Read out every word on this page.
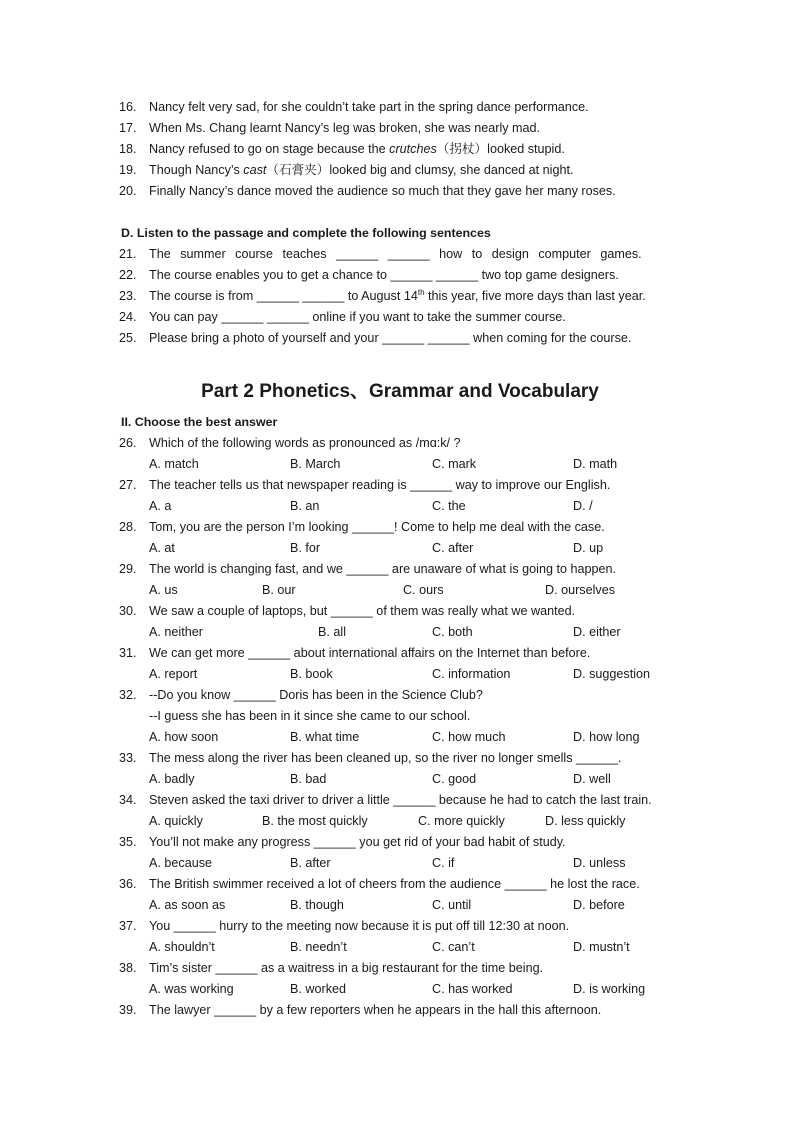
16. Nancy felt very sad, for she couldn’t take part in the spring dance performance.
17. When Ms. Chang learnt Nancy’s leg was broken, she was nearly mad.
18. Nancy refused to go on stage because the crutches（拐杖）looked stupid.
19. Though Nancy’s cast（石膏夹）looked big and clumsy, she danced at night.
20. Finally Nancy’s dance moved the audience so much that they gave her many roses.
D. Listen to the passage and complete the following sentences
21. The summer course teaches ______ ______ how to design computer games.
22. The course enables you to get a chance to ______ ______ two top game designers.
23. The course is from ______ ______ to August 14th this year, five more days than last year.
24. You can pay ______ ______ online if you want to take the summer course.
25. Please bring a photo of yourself and your ______ ______ when coming for the course.
Part 2 Phonetics、Grammar and Vocabulary
II. Choose the best answer
26. Which of the following words as pronounced as /mɑ:k/ ?
A. match	B. March	C. mark	D. math
27. The teacher tells us that newspaper reading is ______ way to improve our English.
A. a	B. an	C. the	D. /
28. Tom, you are the person I’m looking ______! Come to help me deal with the case.
A. at	B. for	C. after	D. up
29. The world is changing fast, and we ______ are unaware of what is going to happen.
A. us	B. our	C. ours	D. ourselves
30. We saw a couple of laptops, but ______ of them was really what we wanted.
A. neither	B. all	C. both	D. either
31. We can get more ______ about international affairs on the Internet than before.
A. report	B. book	C. information	D. suggestion
32. --Do you know ______ Doris has been in the Science Club?
--I guess she has been in it since she came to our school.
A. how soon	B. what time	C. how much	D. how long
33. The mess along the river has been cleaned up, so the river no longer smells ______.
A. badly	B. bad	C. good	D. well
34. Steven asked the taxi driver to driver a little ______ because he had to catch the last train.
A. quickly	B. the most quickly	C. more quickly	D. less quickly
35. You’ll not make any progress ______ you get rid of your bad habit of study.
A. because	B. after	C. if	D. unless
36. The British swimmer received a lot of cheers from the audience ______ he lost the race.
A. as soon as	B. though	C. until	D. before
37. You ______ hurry to the meeting now because it is put off till 12:30 at noon.
A. shouldn’t	B. needn’t	C. can’t	D. mustn’t
38. Tim’s sister ______ as a waitress in a big restaurant for the time being.
A. was working	B. worked	C. has worked	D. is working
39. The lawyer ______ by a few reporters when he appears in the hall this afternoon.
